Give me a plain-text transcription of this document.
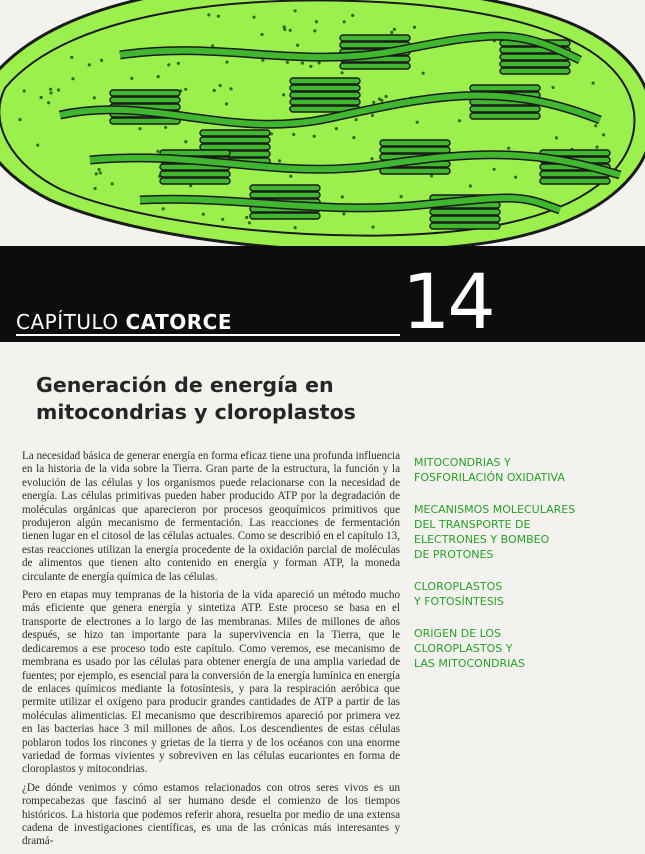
CAPÍTULO CATORCE 14
Generación de energía en mitocondrias y cloroplastos

La necesidad básica de generar energía en forma eficaz tiene una profunda influencia en la historia de la vida sobre la Tierra. Gran parte de la estructura, la función y la evolución de las células y los organismos puede relacionarse con la necesidad de energía. Las células primitivas pueden haber producido ATP por la degradación de moléculas orgánicas que aparecieron por procesos geoquímicos primitivos que produjeron algún mecanismo de fermentación. Las reacciones de fermentación tienen lugar en el citosol de las células actuales. Como se describió en el capítulo 13, estas reacciones utilizan la energía procedente de la oxidación parcial de moléculas de alimentos que tienen alto contenido en energía y forman ATP, la moneda circulante de energía química de las células.

Pero en etapas muy tempranas de la historia de la vida apareció un método mucho más eficiente que genera energía y sintetiza ATP. Este proceso se basa en el transporte de electrones a lo largo de las membranas. Miles de millones de años después, se hizo tan importante para la supervivencia en la Tierra, que le dedicaremos a ese proceso todo este capítulo. Como veremos, ese mecanismo de membrana es usado por las células para obtener energía de una amplia variedad de fuentes; por ejemplo, es esencial para la conversión de la energía lumínica en energía de enlaces químicos mediante la fotosíntesis, y para la respiración aeróbica que permite utilizar el oxígeno para producir grandes cantidades de ATP a partir de las moléculas alimenticias. El mecanismo que describiremos apareció por primera vez en las bacterias hace 3 mil millones de años. Los descendientes de estas células poblaron todos los rincones y grietas de la tierra y de los océanos con una enorme variedad de formas vivientes y sobreviven en las células eucariontes en forma de cloroplastos y mitocondrias.

¿De dónde venimos y cómo estamos relacionados con otros seres vivos es un rompecabezas que fascinó al ser humano desde el comienzo de los tiempos históricos. La historia que podemos referir ahora, resuelta por medio de una extensa cadena de investigaciones científicas, es una de las crónicas más interesantes y dramá-

MITOCONDRIAS Y
FOSFORILACIÓN OXIDATIVA
MECANISMOS MOLECULARES
DEL TRANSPORTE DE
ELECTRONES Y BOMBEO
DE PROTONES
CLOROPLASTOS
Y FOTOSÍNTESIS
ORIGEN DE LOS
CLOROPLASTOS Y
LAS MITOCONDRIAS
